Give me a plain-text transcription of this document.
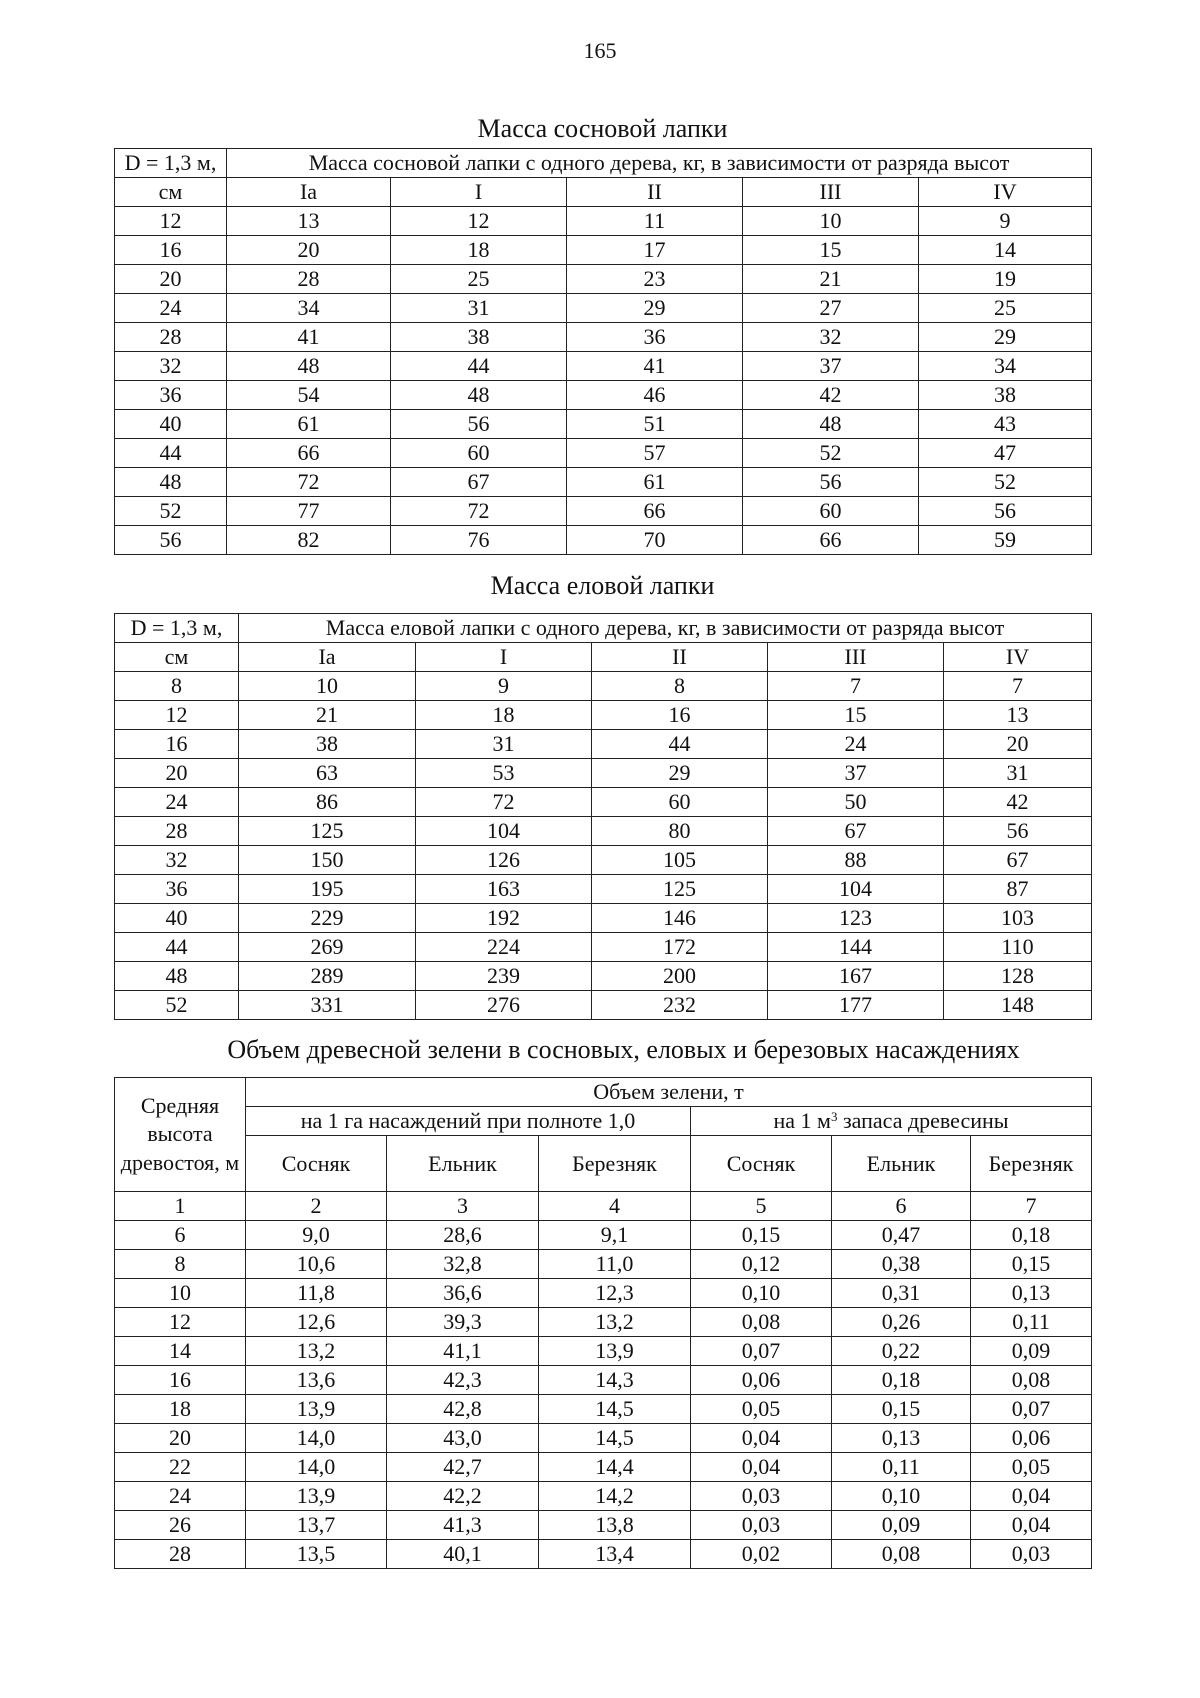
165
Масса сосновой лапки
D = 1,3 м,	Масса сосновой лапки с одного дерева, кг, в зависимости от разряда высот				
см	Ia	I	II	III	IV
12	13	12	11	10	9
16	20	18	17	15	14
20	28	25	23	21	19
24	34	31	29	27	25
28	41	38	36	32	29
32	48	44	41	37	34
36	54	48	46	42	38
40	61	56	51	48	43
44	66	60	57	52	47
48	72	67	61	56	52
52	77	72	66	60	56
56	82	76	70	66	59
Масса еловой лапки
D = 1,3 м,	Масса еловой лапки с одного дерева, кг, в зависимости от разряда высот				
см	Ia	I	II	III	IV
8	10	9	8	7	7
12	21	18	16	15	13
16	38	31	44	24	20
20	63	53	29	37	31
24	86	72	60	50	42
28	125	104	80	67	56
32	150	126	105	88	67
36	195	163	125	104	87
40	229	192	146	123	103
44	269	224	172	144	110
48	289	239	200	167	128
52	331	276	232	177	148
Объем древесной зелени в сосновых, еловых и березовых насаждениях
Средняя высота древостоя, м	Объем зелени, т					
	на 1 га насаждений при полноте 1,0			на 1 $м^3$ запаса древесины		
	Сосняк	Ельник	Березняк	Сосняк	Ельник	Березняк
1	2	3	4	5	6	7
6	9,0	28,6	9,1	0,15	0,47	0,18
8	10,6	32,8	11,0	0,12	0,38	0,15
10	11,8	36,6	12,3	0,10	0,31	0,13
12	12,6	39,3	13,2	0,08	0,26	0,11
14	13,2	41,1	13,9	0,07	0,22	0,09
16	13,6	42,3	14,3	0,06	0,18	0,08
18	13,9	42,8	14,5	0,05	0,15	0,07
20	14,0	43,0	14,5	0,04	0,13	0,06
22	14,0	42,7	14,4	0,04	0,11	0,05
24	13,9	42,2	14,2	0,03	0,10	0,04
26	13,7	41,3	13,8	0,03	0,09	0,04
28	13,5	40,1	13,4	0,02	0,08	0,03
